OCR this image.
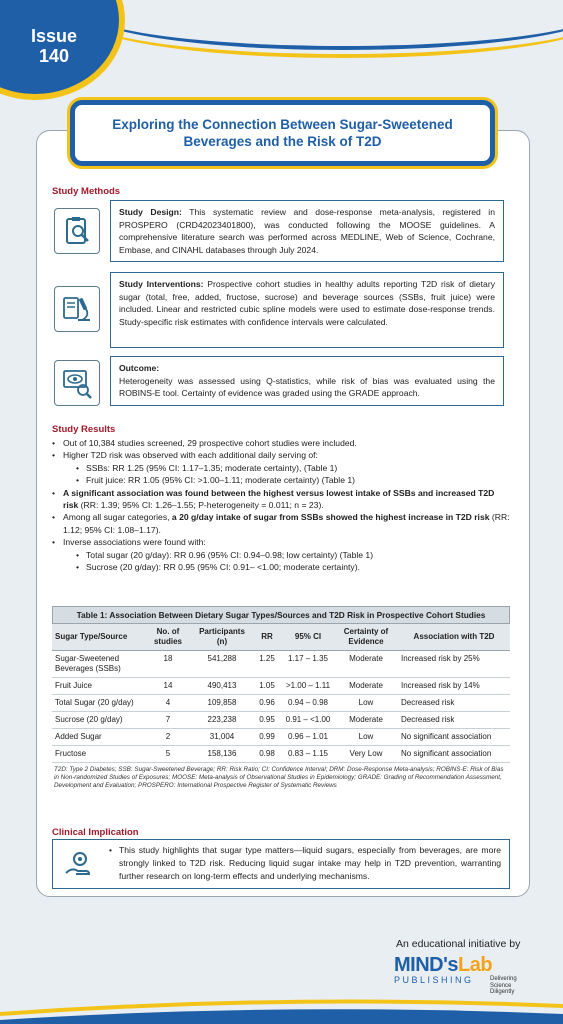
Issue
140
Exploring the Connection Between Sugar-Sweetened Beverages and the Risk of T2D
Study Methods
Study Design: This systematic review and dose-response meta-analysis, registered in PROSPERO (CRD42023401800), was conducted following the MOOSE guidelines. A comprehensive literature search was performed across MEDLINE, Web of Science, Cochrane, Embase, and CINAHL databases through July 2024.
Study Interventions: Prospective cohort studies in healthy adults reporting T2D risk of dietary sugar (total, free, added, fructose, sucrose) and beverage sources (SSBs, fruit juice) were included. Linear and restricted cubic spline models were used to estimate dose-response trends. Study-specific risk estimates with confidence intervals were calculated.
Outcome:
Heterogeneity was assessed using Q-statistics, while risk of bias was evaluated using the ROBINS-E tool. Certainty of evidence was graded using the GRADE approach.
Study Results
• Out of 10,384 studies screened, 29 prospective cohort studies were included.
• Higher T2D risk was observed with each additional daily serving of:
• SSBs: RR 1.25 (95% CI: 1.17–1.35; moderate certainty), (Table 1)
• Fruit juice: RR 1.05 (95% CI: >1.00–1.11; moderate certainty) (Table 1)
• A significant association was found between the highest versus lowest intake of SSBs and increased T2D risk (RR: 1.39; 95% CI: 1.26–1.55; P-heterogeneity = 0.011; n = 23).
• Among all sugar categories, a 20 g/day intake of sugar from SSBs showed the highest increase in T2D risk (RR: 1.12; 95% CI: 1.08–1.17).
• Inverse associations were found with:
• Total sugar (20 g/day): RR 0.96 (95% CI: 0.94–0.98; low certainty) (Table 1)
• Sucrose (20 g/day): RR 0.95 (95% CI: 0.91– <1.00; moderate certainty).
Table 1: Association Between Dietary Sugar Types/Sources and T2D Risk in Prospective Cohort Studies
Sugar Type/Source	No. of studies	Participants (n)	RR	95% CI	Certainty of Evidence	Association with T2D
Sugar-Sweetened Beverages (SSBs)	18	541,288	1.25	1.17 – 1.35	Moderate	Increased risk by 25%
Fruit Juice	14	490,413	1.05	>1.00 – 1.11	Moderate	Increased risk by 14%
Total Sugar (20 g/day)	4	109,858	0.96	0.94 – 0.98	Low	Decreased risk
Sucrose (20 g/day)	7	223,238	0.95	0.91 – <1.00	Moderate	Decreased risk
Added Sugar	2	31,004	0.99	0.96 – 1.01	Low	No significant association
Fructose	5	158,136	0.98	0.83 – 1.15	Very Low	No significant association
T2D: Type 2 Diabetes; SSB: Sugar-Sweetened Beverage; RR: Risk Ratio; CI: Confidence Interval; DRM: Dose-Response Meta-analysis; ROBINS-E: Risk of Bias in Non-randomized Studies of Exposures; MOOSE: Meta-analysis of Observational Studies in Epidemiology; GRADE: Grading of Recommendation Assessment, Development and Evaluation; PROSPERO: International Prospective Register of Systematic Reviews
Clinical Implication
• This study highlights that sugar type matters—liquid sugars, especially from beverages, are more strongly linked to T2D risk. Reducing liquid sugar intake may help in T2D prevention, warranting further research on long-term effects and underlying mechanisms.
An educational initiative by
MIND'sLab
PUBLISHING	Delivering
Science
Diligently
